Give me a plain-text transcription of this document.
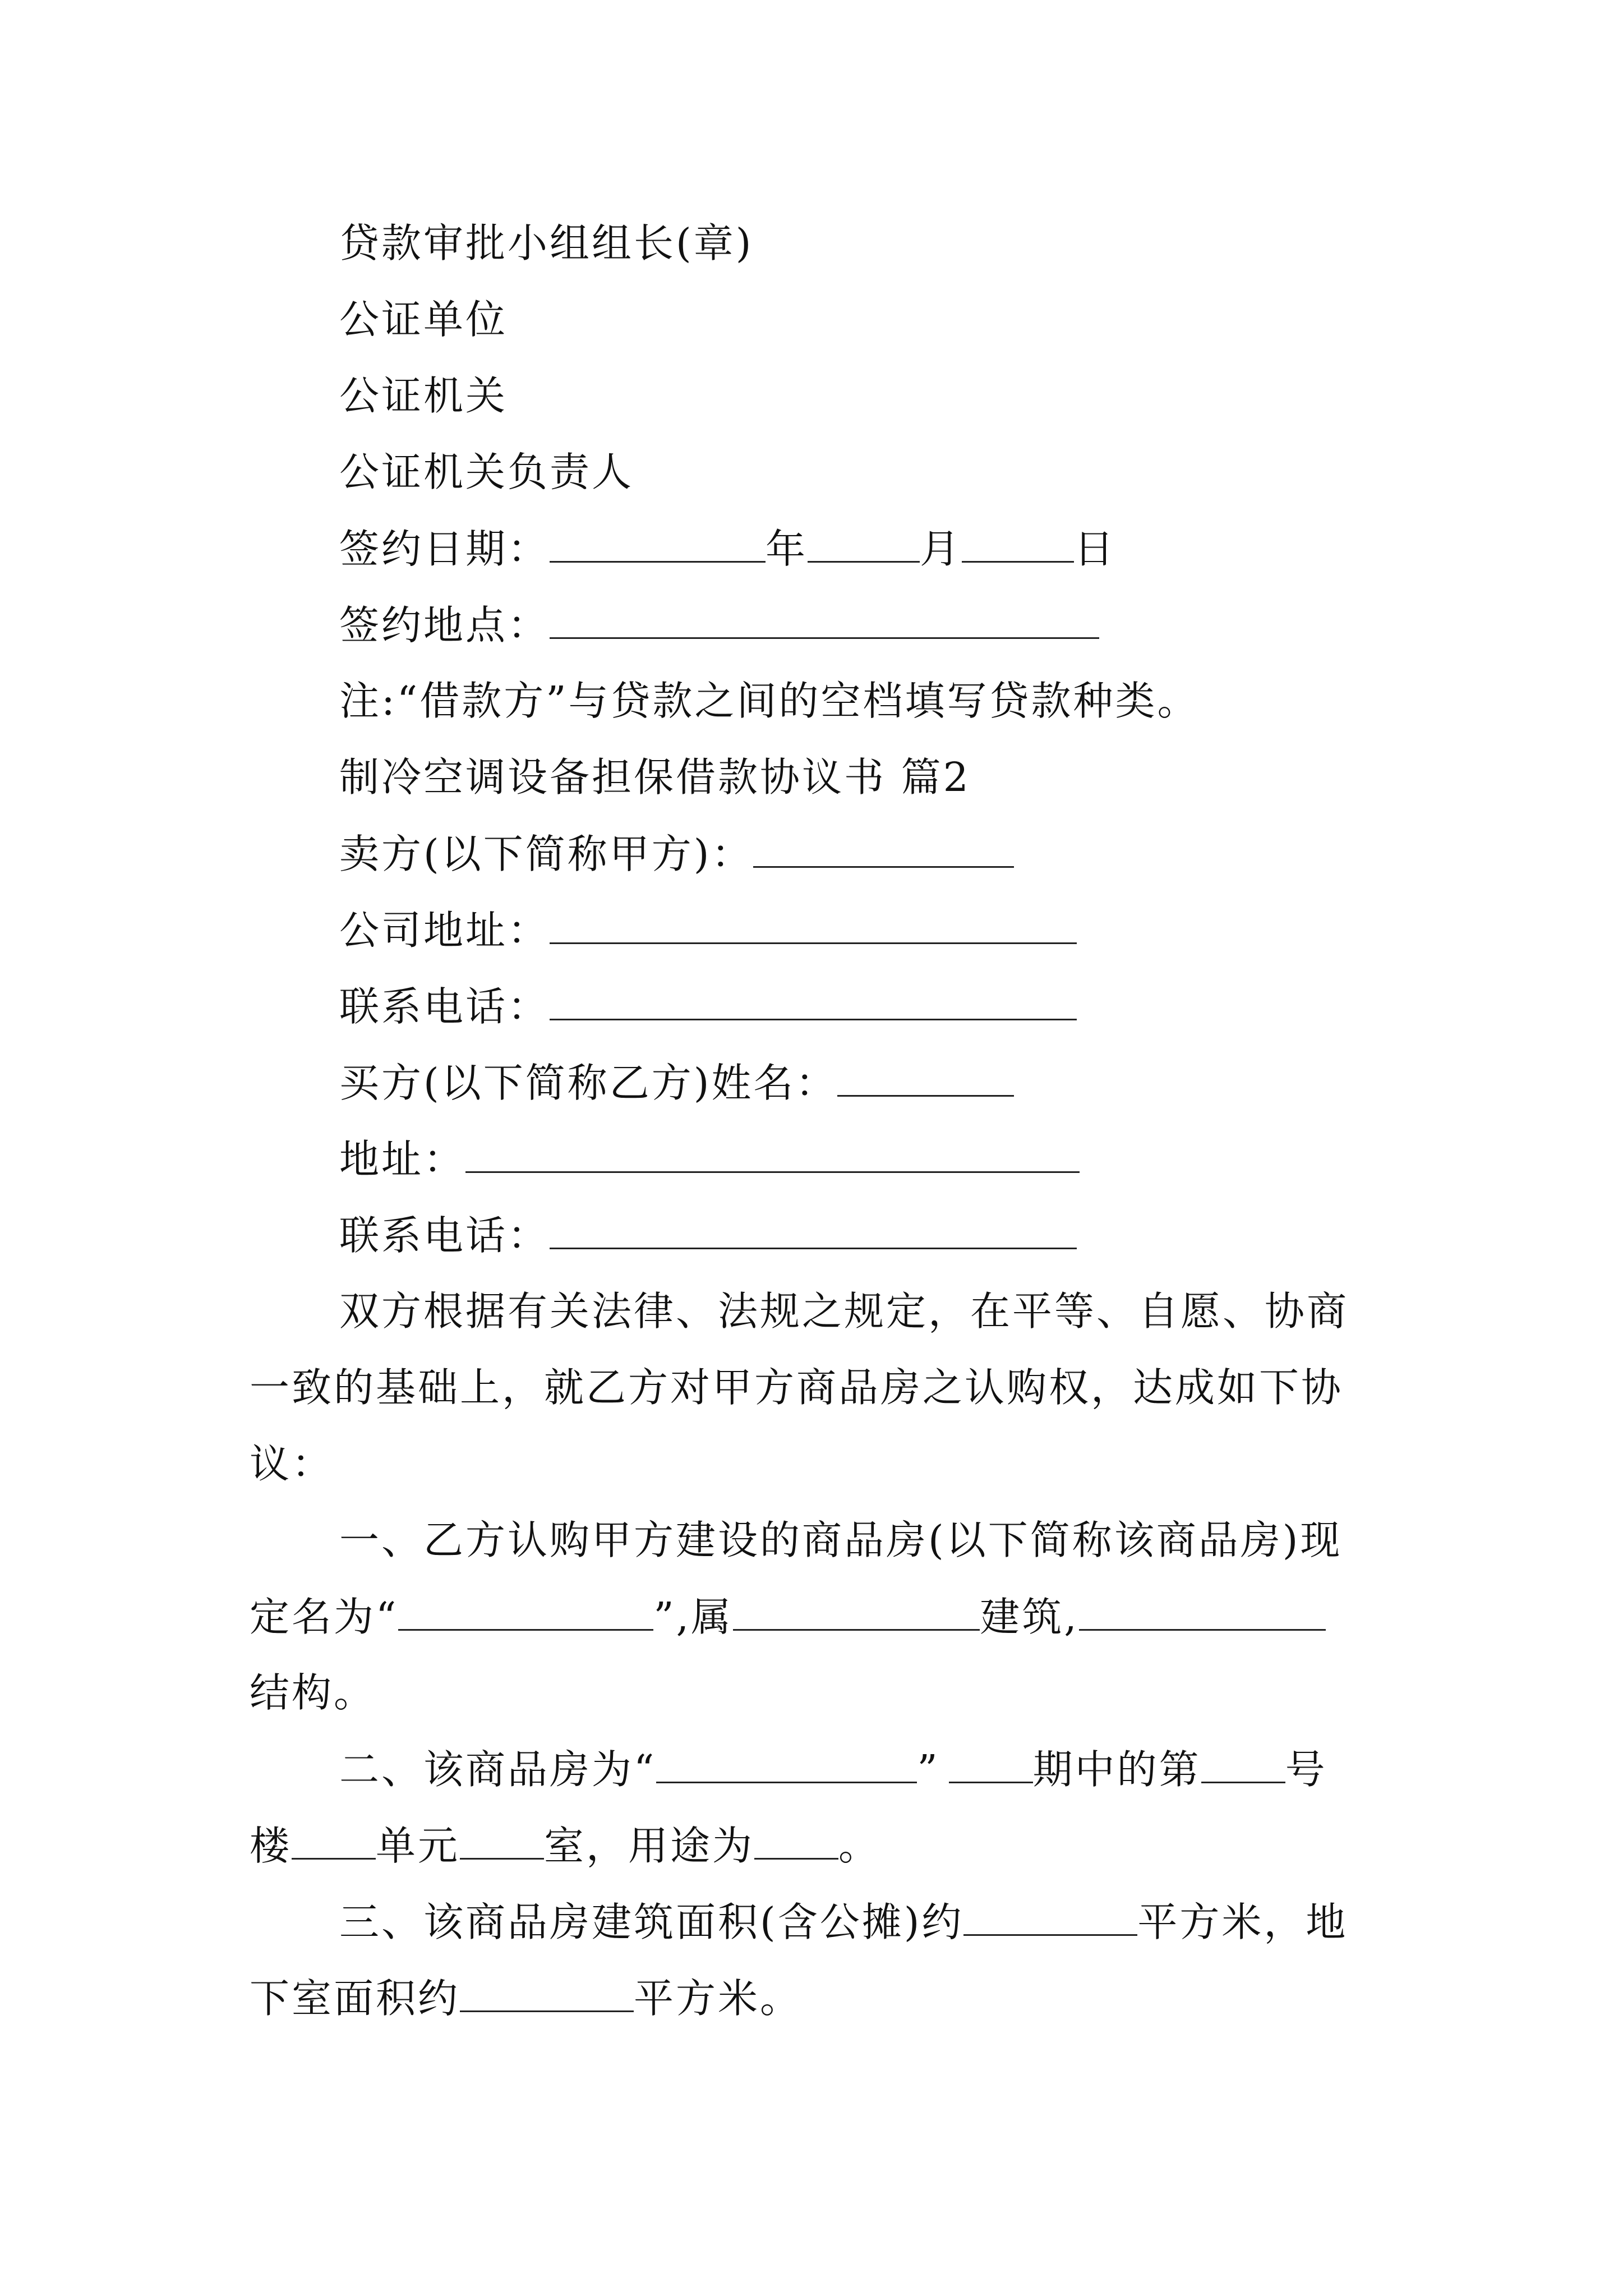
贷款审批小组组长(章)
公证单位
公证机关
公证机关负责人
签约日期：	年	月	日
签约地点：
注:“借款方”与贷款之间的空档填写贷款种类。
制冷空调设备担保借款协议书 篇2
卖方(以下简称甲方)：
公司地址：
联系电话：
买方(以下简称乙方)姓名：
地址：
联系电话：
双方根据有关法律、法规之规定，在平等、自愿、协商
一致的基础上，就乙方对甲方商品房之认购权，达成如下协
议：
一、乙方认购甲方建设的商品房(以下简称该商品房)现
定名为“	”,属	建筑,
结构。
二、该商品房为“	” 期中的第 号
楼 单元 室，用途为 。
三、该商品房建筑面积(含公摊)约	平方米，地
下室面积约	平方米。
